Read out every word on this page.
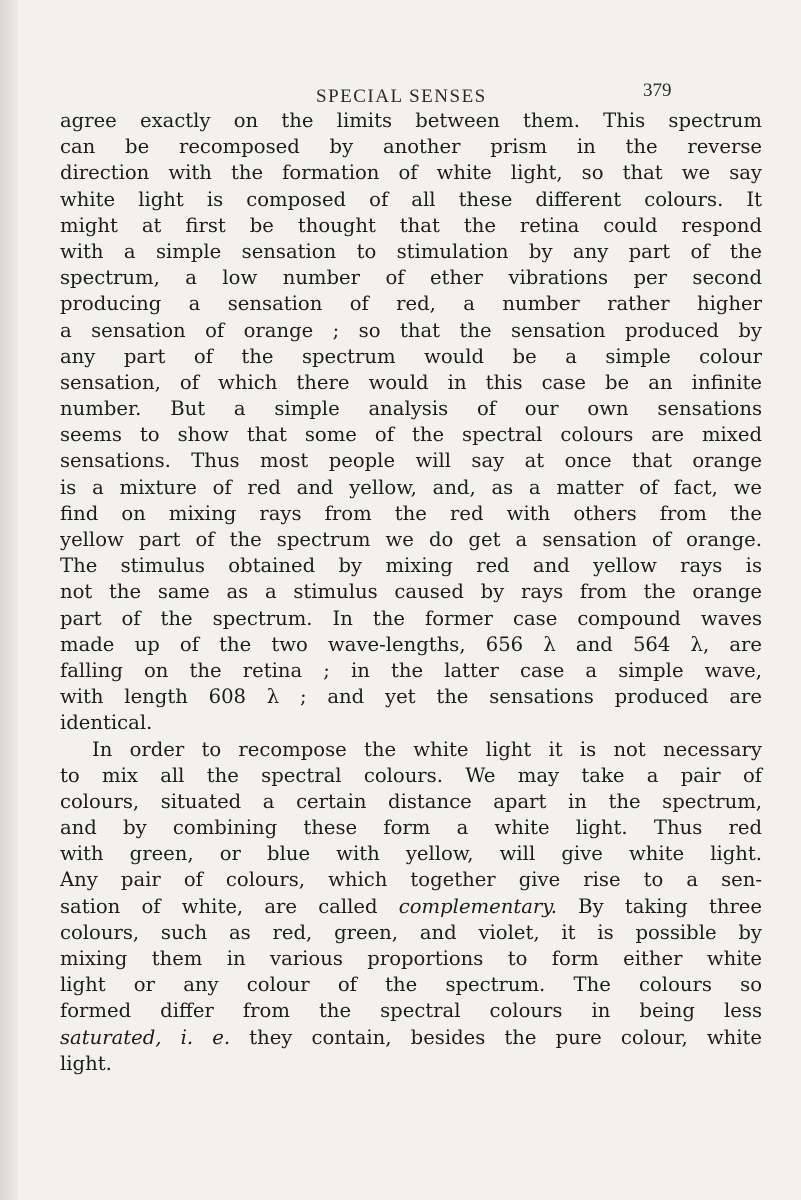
SPECIAL SENSES	379
agree exactly on the limits between them. This spectrum
can be recomposed by another prism in the reverse
direction with the formation of white light, so that we say
white light is composed of all these different colours. It
might at first be thought that the retina could respond
with a simple sensation to stimulation by any part of the
spectrum, a low number of ether vibrations per second
producing a sensation of red, a number rather higher
a sensation of orange ; so that the sensation produced by
any part of the spectrum would be a simple colour
sensation, of which there would in this case be an infinite
number. But a simple analysis of our own sensations
seems to show that some of the spectral colours are mixed
sensations. Thus most people will say at once that orange
is a mixture of red and yellow, and, as a matter of fact, we
find on mixing rays from the red with others from the
yellow part of the spectrum we do get a sensation of orange.
The stimulus obtained by mixing red and yellow rays is
not the same as a stimulus caused by rays from the orange
part of the spectrum. In the former case compound waves
made up of the two wave-lengths, 656 λ and 564 λ, are
falling on the retina ; in the latter case a simple wave,
with length 608 λ ; and yet the sensations produced are
identical.
In order to recompose the white light it is not necessary
to mix all the spectral colours. We may take a pair of
colours, situated a certain distance apart in the spectrum,
and by combining these form a white light. Thus red
with green, or blue with yellow, will give white light.
Any pair of colours, which together give rise to a sen-
sation of white, are called complementary. By taking three
colours, such as red, green, and violet, it is possible by
mixing them in various proportions to form either white
light or any colour of the spectrum. The colours so
formed differ from the spectral colours in being less
saturated, i. e. they contain, besides the pure colour, white
light.
